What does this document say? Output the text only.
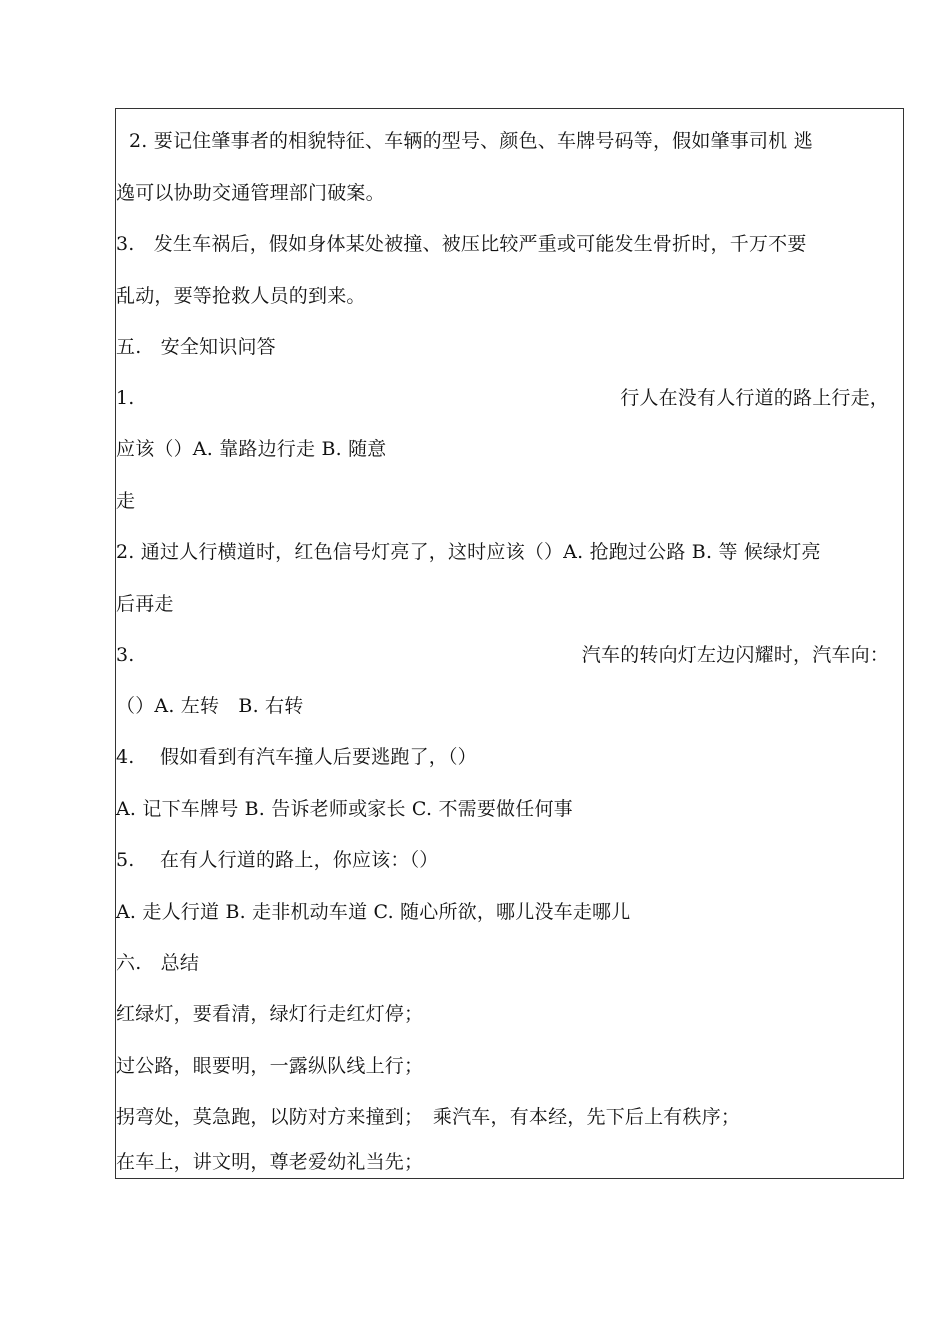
2. 要记住肇事者的相貌特征、车辆的型号、颜色、车牌号码等，假如肇事司机 逃
逸可以协助交通管理部门破案。
3.　发生车祸后，假如身体某处被撞、被压比较严重或可能发生骨折时，千万不要
乱动，要等抢救人员的到来。
五.　安全知识问答
1.	行人在没有人行道的路上行走，
应该（）A. 靠路边行走 B. 随意
走
2. 通过人行横道时，红色信号灯亮了，这时应该（）A. 抢跑过公路 B. 等 候绿灯亮
后再走
3.	汽车的转向灯左边闪耀时，汽车向：
（）A. 左转　B. 右转
4.　 假如看到有汽车撞人后要逃跑了，（）
A. 记下车牌号 B. 告诉老师或家长 C. 不需要做任何事
5.　 在有人行道的路上，你应该：（）
A. 走人行道 B. 走非机动车道 C. 随心所欲，哪儿没车走哪儿
六.　总结
红绿灯，要看清，绿灯行走红灯停；
过公路，眼要明，一露纵队线上行；
拐弯处，莫急跑，以防对方来撞到；　乘汽车，有本经，先下后上有秩序；
在车上，讲文明，尊老爱幼礼当先；
